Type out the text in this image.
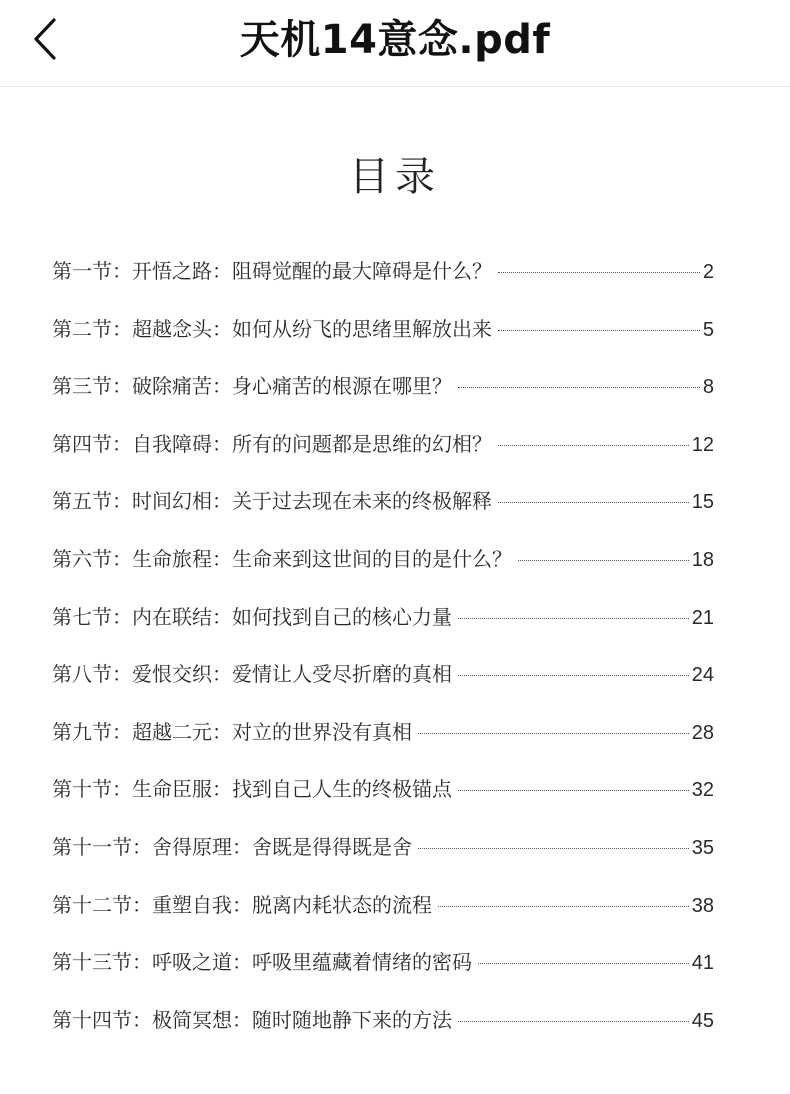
天机14意念.pdf
目录
第一节：开悟之路：阻碍觉醒的最大障碍是什么？	2
第二节：超越念头：如何从纷飞的思绪里解放出来	5
第三节：破除痛苦：身心痛苦的根源在哪里？	8
第四节：自我障碍：所有的问题都是思维的幻相？	12
第五节：时间幻相：关于过去现在未来的终极解释	15
第六节：生命旅程：生命来到这世间的目的是什么？	18
第七节：内在联结：如何找到自己的核心力量	21
第八节：爱恨交织：爱情让人受尽折磨的真相	24
第九节：超越二元：对立的世界没有真相	28
第十节：生命臣服：找到自己人生的终极锚点	32
第十一节：舍得原理：舍既是得得既是舍	35
第十二节：重塑自我：脱离内耗状态的流程	38
第十三节：呼吸之道：呼吸里蕴藏着情绪的密码	41
第十四节：极简冥想：随时随地静下来的方法	45
